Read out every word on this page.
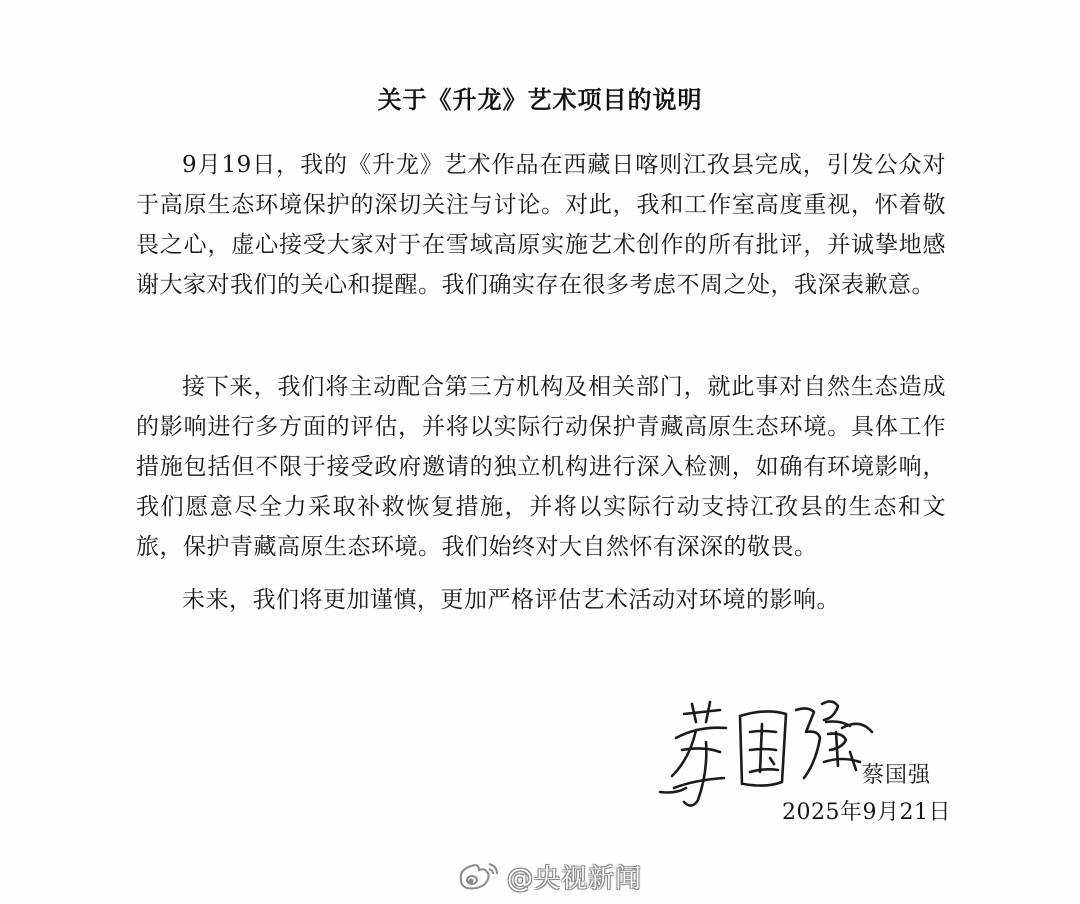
关于《升龙》艺术项目的说明
9月19日，我的《升龙》艺术作品在西藏日喀则江孜县完成，引发公众对于高原生态环境保护的深切关注与讨论。对此，我和工作室高度重视，怀着敬畏之心，虚心接受大家对于在雪域高原实施艺术创作的所有批评，并诚挚地感谢大家对我们的关心和提醒。我们确实存在很多考虑不周之处，我深表歉意。
接下来，我们将主动配合第三方机构及相关部门，就此事对自然生态造成的影响进行多方面的评估，并将以实际行动保护青藏高原生态环境。具体工作措施包括但不限于接受政府邀请的独立机构进行深入检测，如确有环境影响，我们愿意尽全力采取补救恢复措施，并将以实际行动支持江孜县的生态和文旅，保护青藏高原生态环境。我们始终对大自然怀有深深的敬畏。
未来，我们将更加谨慎，更加严格评估艺术活动对环境的影响。
蔡国强
2025年9月21日
@央视新闻
